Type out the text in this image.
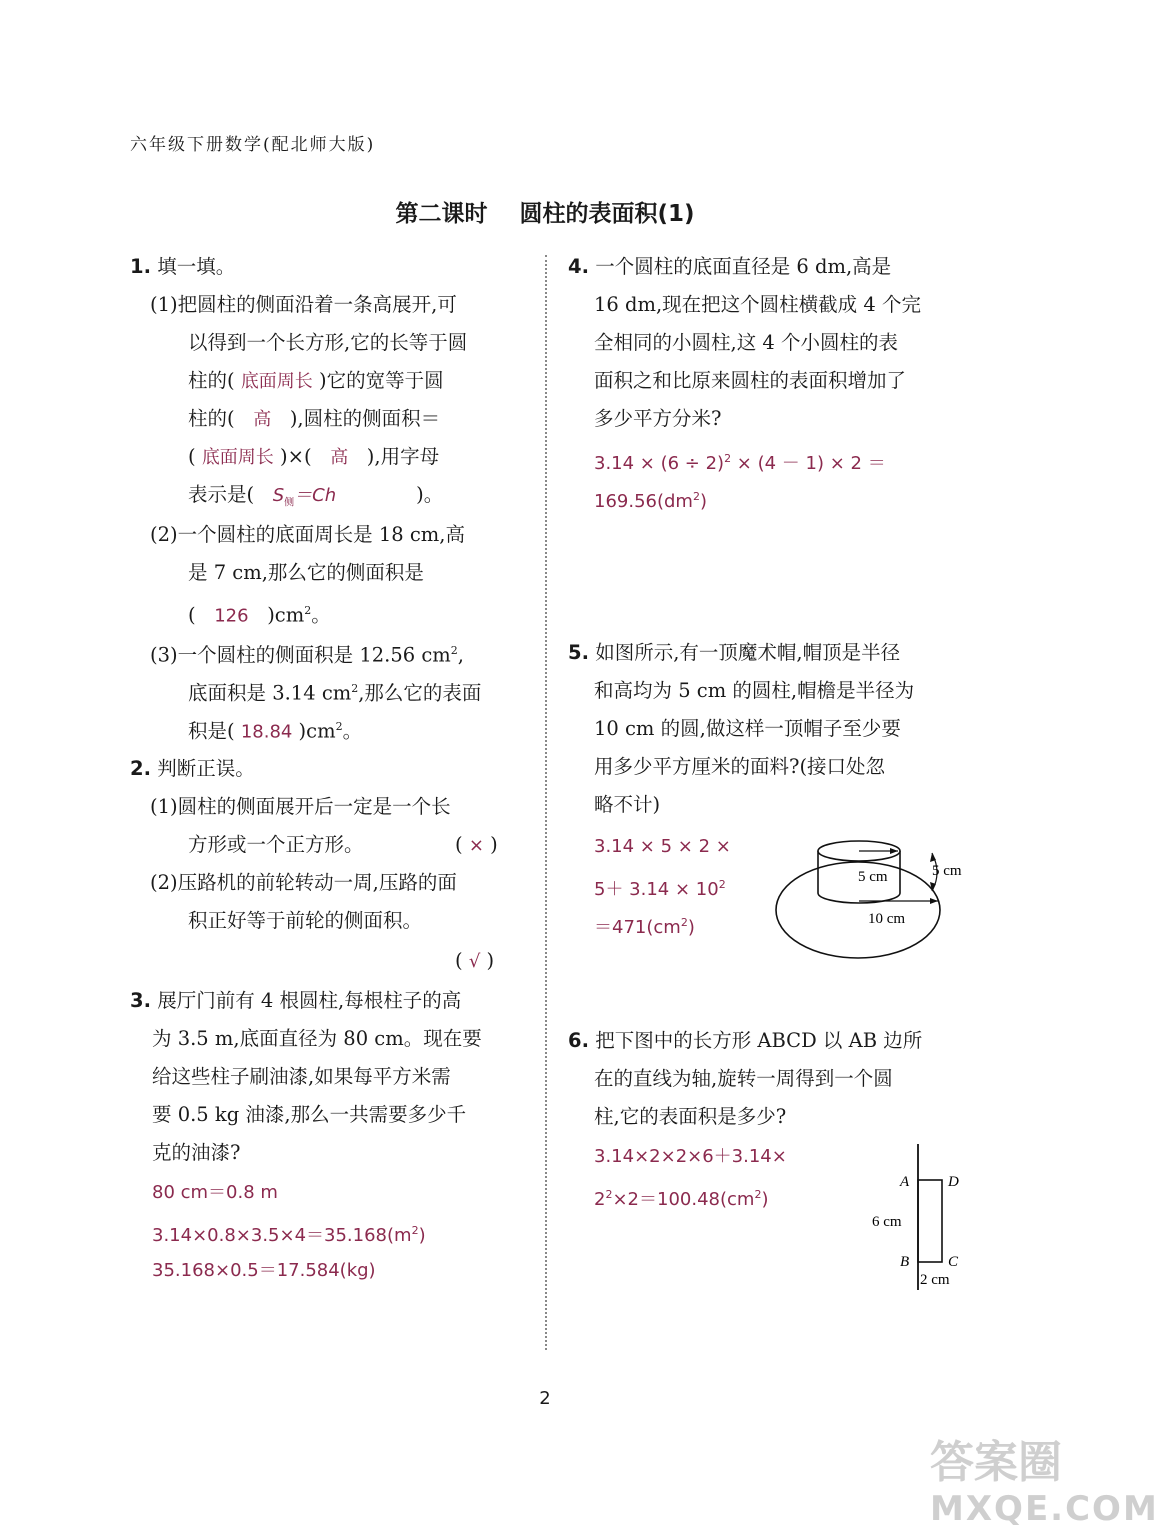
六年级下册数学(配北师大版)
第二课时 圆柱的表面积(1)
1. 填一填。
(1)把圆柱的侧面沿着一条高展开,可
以得到一个长方形,它的长等于圆
柱的( 底面周长 )它的宽等于圆
柱的( 高 ),圆柱的侧面积＝
( 底面周长 )×( 高 ),用字母
表示是( $S_侧=Ch$	)。
(2)一个圆柱的底面周长是 18 cm,高
是 7 cm,那么它的侧面积是
( 126 )$cm^2$。
(3)一个圆柱的侧面积是 12.56 $cm^2$,
底面积是 3.14 $cm^2$,那么它的表面
积是( 18.84 )$cm^2$。
2. 判断正误。
(1)圆柱的侧面展开后一定是一个长
方形或一个正方形。	( × )
(2)压路机的前轮转动一周,压路的面
积正好等于前轮的侧面积。
( √ )
3. 展厅门前有 4 根圆柱,每根柱子的高
为 3.5 m,底面直径为 80 cm。现在要
给这些柱子刷油漆,如果每平方米需
要 0.5 kg 油漆,那么一共需要多少千
克的油漆?
80 cm＝0.8 m
$3.14\times 0.8\times 3.5\times 4=35.168(m^2)$
35.168×0.5＝17.584(kg)
4. 一个圆柱的底面直径是 6 dm,高是
16 dm,现在把这个圆柱横截成 4 个完
全相同的小圆柱,这 4 个小圆柱的表
面积之和比原来圆柱的表面积增加了
多少平方分米?
$3.14 \times (6 \div 2)^2 \times (4 - 1) \times 2$ ＝
$169.56(dm^2)$
5. 如图所示,有一顶魔术帽,帽顶是半径
和高均为 5 cm 的圆柱,帽檐是半径为
10 cm 的圆,做这样一顶帽子至少要
用多少平方厘米的面料?(接口处忽
略不计)
3.14 × 5 × 2 ×
$5+ 3.14 \times 10^2$
$=471(cm^2)$
6. 把下图中的长方形 ABCD 以 AB 边所
在的直线为轴,旋转一周得到一个圆
柱,它的表面积是多少?
3.14×2×2×6＋3.14×
$2^2\times 2=100.48(cm^2)$
5 cm	5 cm
10 cm
A	D
B	C
6 cm
2 cm
2
答案圈
MXQE.COM
